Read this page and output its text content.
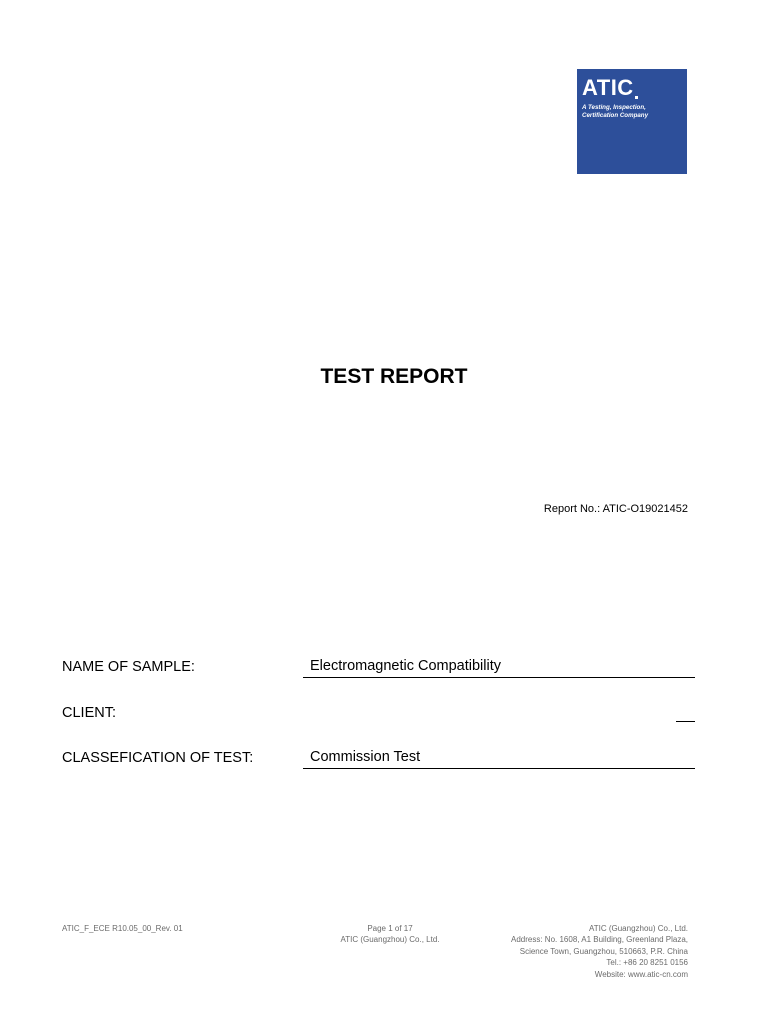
ATIC
A Testing, Inspection,
Certification Company
TEST REPORT
Report No.: ATIC-O19021452
NAME OF SAMPLE:	Electromagnetic Compatibility
CLIENT:
CLASSEFICATION OF TEST:	Commission Test
ATIC_F_ECE R10.05_00_Rev. 01	Page 1 of 17
ATIC (Guangzhou) Co., Ltd.
ATIC (Guangzhou) Co., Ltd.
Address: No. 1608, A1 Building, Greenland Plaza,
Science Town, Guangzhou, 510663, P.R. China
Tel.: +86 20 8251 0156
Website: www.atic-cn.com
